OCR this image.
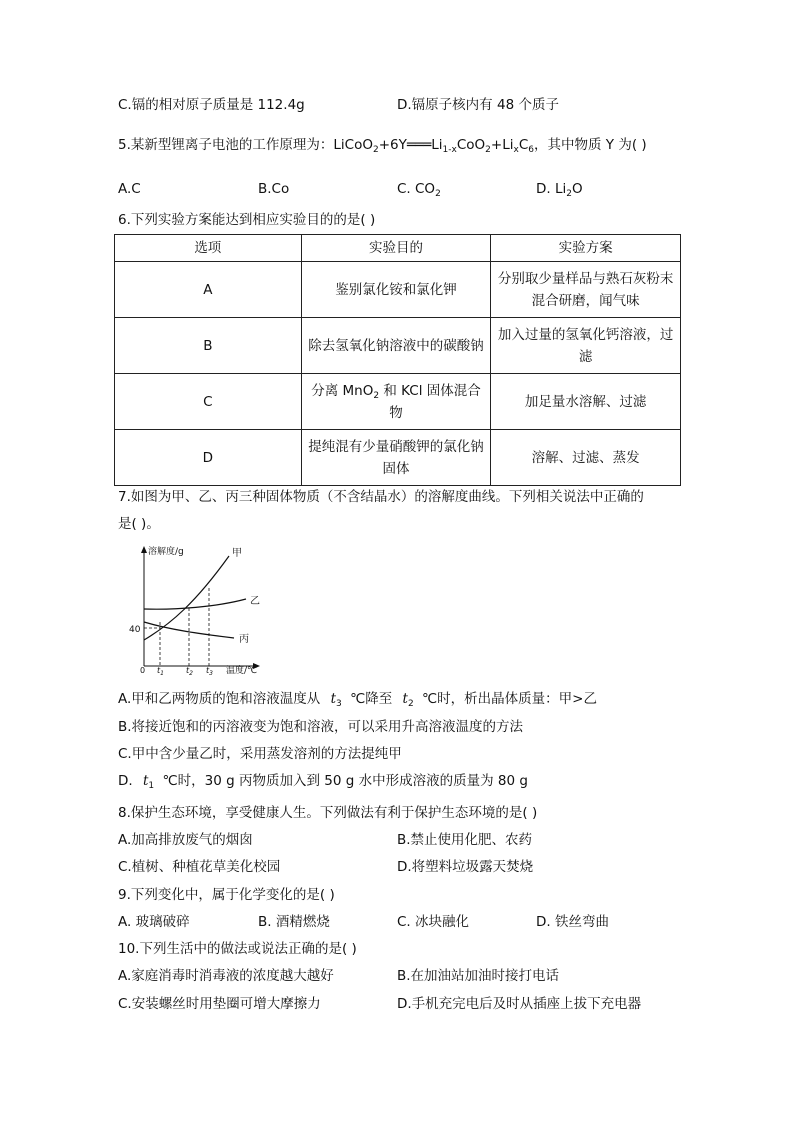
C.镉的相对原子质量是 112.4g	D.镉原子核内有 48 个质子
5.某新型锂离子电池的工作原理为：$LiCoO_2+6Y═══Li_{1-x}CoO_2+Li_xC_6$，其中物质 Y 为( )
A.C	B.Co	C. $CO_2$	D. $Li_2O$
6.下列实验方案能达到相应实验目的的是( )
选项	实验目的	实验方案
A	鉴别氯化铵和氯化钾	分别取少量样品与熟石灰粉末混合研磨，闻气味
B	除去氢氧化钠溶液中的碳酸钠	加入过量的氢氧化钙溶液，过滤
C	分离 MnO$_2$ 和 KCl 固体混合物	加足量水溶解、过滤
D	提纯混有少量硝酸钾的氯化钠固体	溶解、过滤、蒸发
7.如图为甲、乙、丙三种固体物质（不含结晶水）的溶解度曲线。下列相关说法中正确的
是( )。
溶解度/g
温度/℃
40
0 $t_1$	$t_2$ $t_3$
甲
乙
丙
A.甲和乙两物质的饱和溶液温度从 $t_3$ ℃降至 $t_2$ ℃时，析出晶体质量：甲>乙
B.将接近饱和的丙溶液变为饱和溶液，可以采用升高溶液温度的方法
C.甲中含少量乙时，采用蒸发溶剂的方法提纯甲
D. $t_1$ ℃时，30 g 丙物质加入到 50 g 水中形成溶液的质量为 80 g
8.保护生态环境，享受健康人生。下列做法有利于保护生态环境的是( )
A.加高排放废气的烟囱	B.禁止使用化肥、农药
C.植树、种植花草美化校园	D.将塑料垃圾露天焚烧
9.下列变化中，属于化学变化的是( )
A. 玻璃破碎	B. 酒精燃烧	C. 冰块融化	D. 铁丝弯曲
10.下列生活中的做法或说法正确的是( )
A.家庭消毒时消毒液的浓度越大越好	B.在加油站加油时接打电话
C.安装螺丝时用垫圈可增大摩擦力	D.手机充完电后及时从插座上拔下充电器
